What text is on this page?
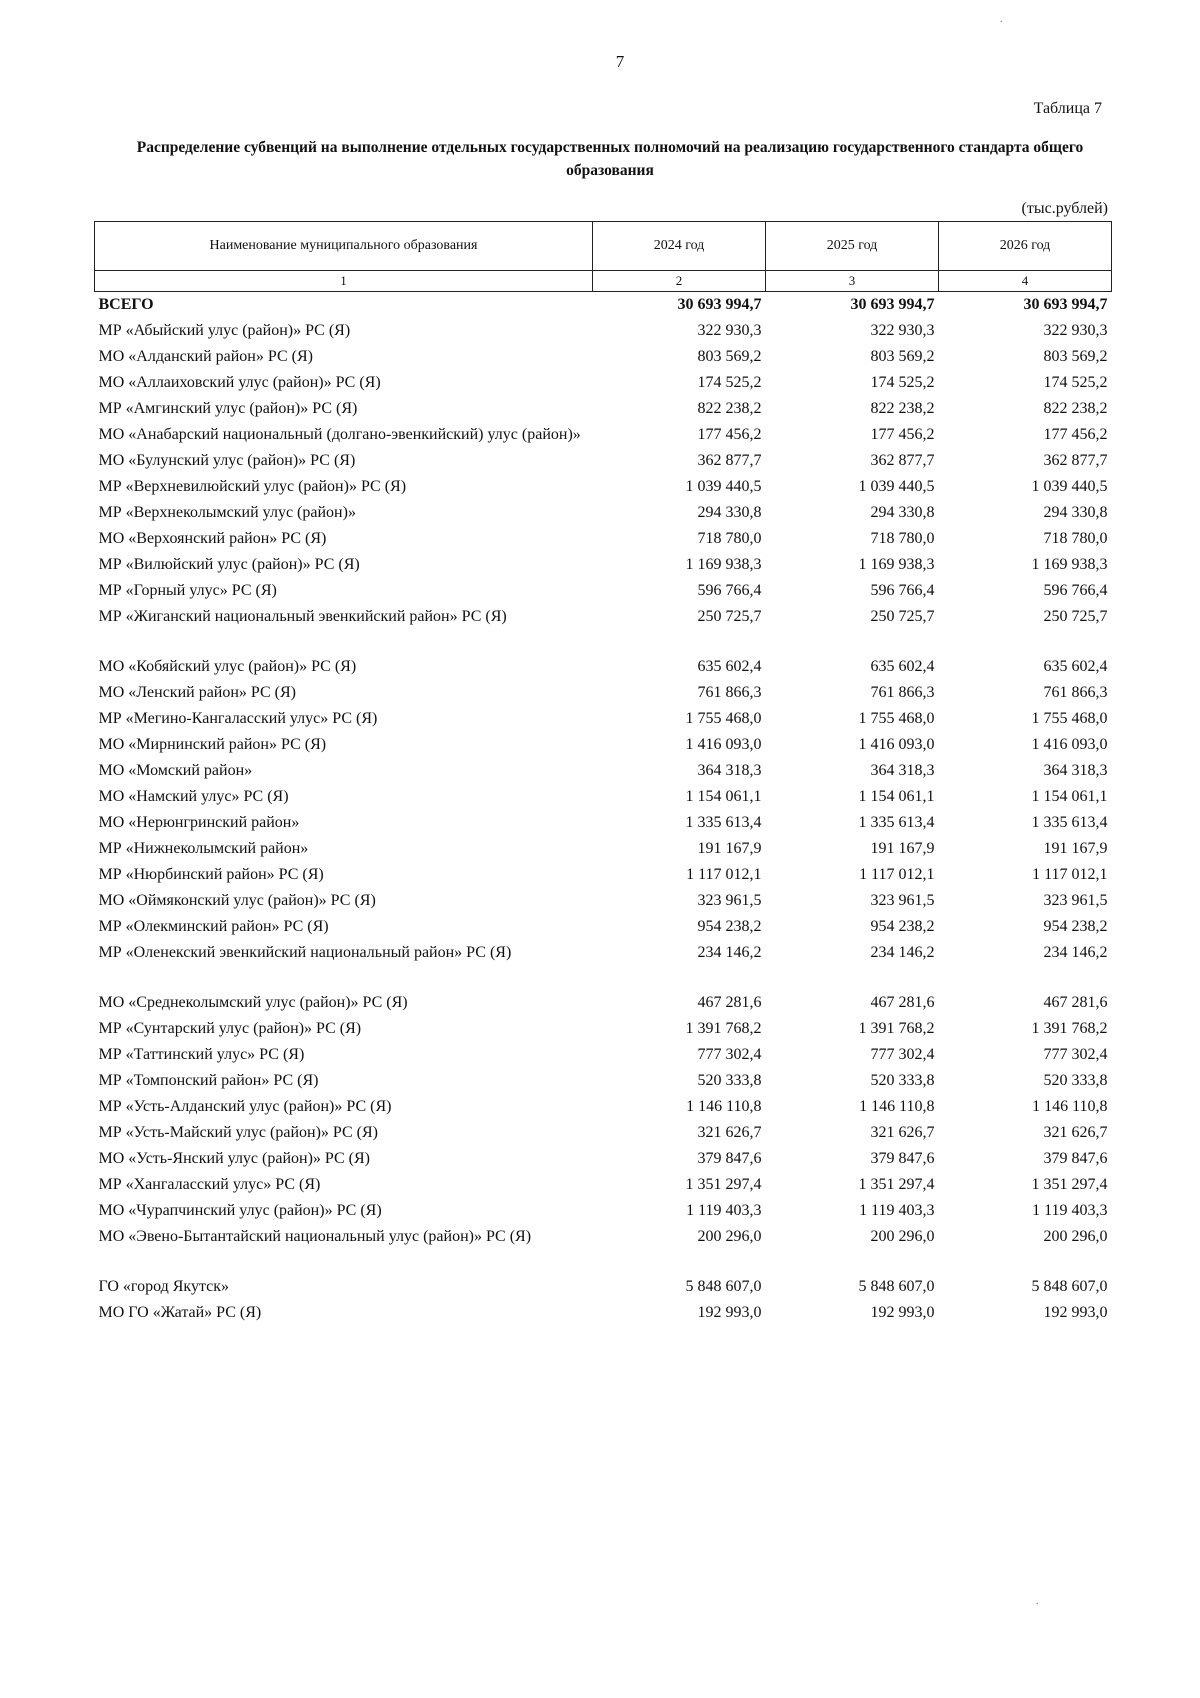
7
Таблица 7
Распределение субвенций на выполнение отдельных государственных полномочий на реализацию государственного стандарта общего образования
(тыс.рублей)
Наименование муниципального образования	2024 год	2025 год	2026 год
1	2	3	4
ВСЕГО	30 693 994,7	30 693 994,7	30 693 994,7
МР «Абыйский улус (район)» РС (Я)	322 930,3	322 930,3	322 930,3
МО «Алданский район» РС (Я)	803 569,2	803 569,2	803 569,2
МО «Аллаиховский улус (район)» РС (Я)	174 525,2	174 525,2	174 525,2
МР «Амгинский улус (район)» РС (Я)	822 238,2	822 238,2	822 238,2
МО «Анабарский национальный (долгано-эвенкийский) улус (район)»	177 456,2	177 456,2	177 456,2
МО «Булунский улус (район)» РС (Я)	362 877,7	362 877,7	362 877,7
МР «Верхневилюйский улус (район)» РС (Я)	1 039 440,5	1 039 440,5	1 039 440,5
МР «Верхнеколымский улус (район)»	294 330,8	294 330,8	294 330,8
МО «Верхоянский район» РС (Я)	718 780,0	718 780,0	718 780,0
МР «Вилюйский улус (район)» РС (Я)	1 169 938,3	1 169 938,3	1 169 938,3
МР «Горный улус» РС (Я)	596 766,4	596 766,4	596 766,4
МР «Жиганский национальный эвенкийский район» РС (Я)	250 725,7	250 725,7	250 725,7

МО «Кобяйский улус (район)» РС (Я)	635 602,4	635 602,4	635 602,4
МО «Ленский район» РС (Я)	761 866,3	761 866,3	761 866,3
МР «Мегино-Кангаласский улус» РС (Я)	1 755 468,0	1 755 468,0	1 755 468,0
МО «Мирнинский район» РС (Я)	1 416 093,0	1 416 093,0	1 416 093,0
МО «Момский район»	364 318,3	364 318,3	364 318,3
МО «Намский улус» РС (Я)	1 154 061,1	1 154 061,1	1 154 061,1
МО «Нерюнгринский район»	1 335 613,4	1 335 613,4	1 335 613,4
МР «Нижнеколымский район»	191 167,9	191 167,9	191 167,9
МР «Нюрбинский район» РС (Я)	1 117 012,1	1 117 012,1	1 117 012,1
МО «Оймяконский улус (район)» РС (Я)	323 961,5	323 961,5	323 961,5
МР «Олекминский район» РС (Я)	954 238,2	954 238,2	954 238,2
МР «Оленекский эвенкийский национальный район» РС (Я)	234 146,2	234 146,2	234 146,2

МО «Среднеколымский улус (район)» РС (Я)	467 281,6	467 281,6	467 281,6
МР «Сунтарский улус (район)» РС (Я)	1 391 768,2	1 391 768,2	1 391 768,2
МР «Таттинский улус» РС (Я)	777 302,4	777 302,4	777 302,4
МР «Томпонский район» РС (Я)	520 333,8	520 333,8	520 333,8
МР «Усть-Алданский улус (район)» РС (Я)	1 146 110,8	1 146 110,8	1 146 110,8
МР «Усть-Майский улус (район)» РС (Я)	321 626,7	321 626,7	321 626,7
МО «Усть-Янский улус (район)» РС (Я)	379 847,6	379 847,6	379 847,6
МР «Хангаласский улус» РС (Я)	1 351 297,4	1 351 297,4	1 351 297,4
МО «Чурапчинский улус (район)» РС (Я)	1 119 403,3	1 119 403,3	1 119 403,3
МО «Эвено-Бытантайский национальный улус (район)» РС (Я)	200 296,0	200 296,0	200 296,0

ГО «город Якутск»	5 848 607,0	5 848 607,0	5 848 607,0
МО ГО «Жатай» РС (Я)	192 993,0	192 993,0	192 993,0
.
.
